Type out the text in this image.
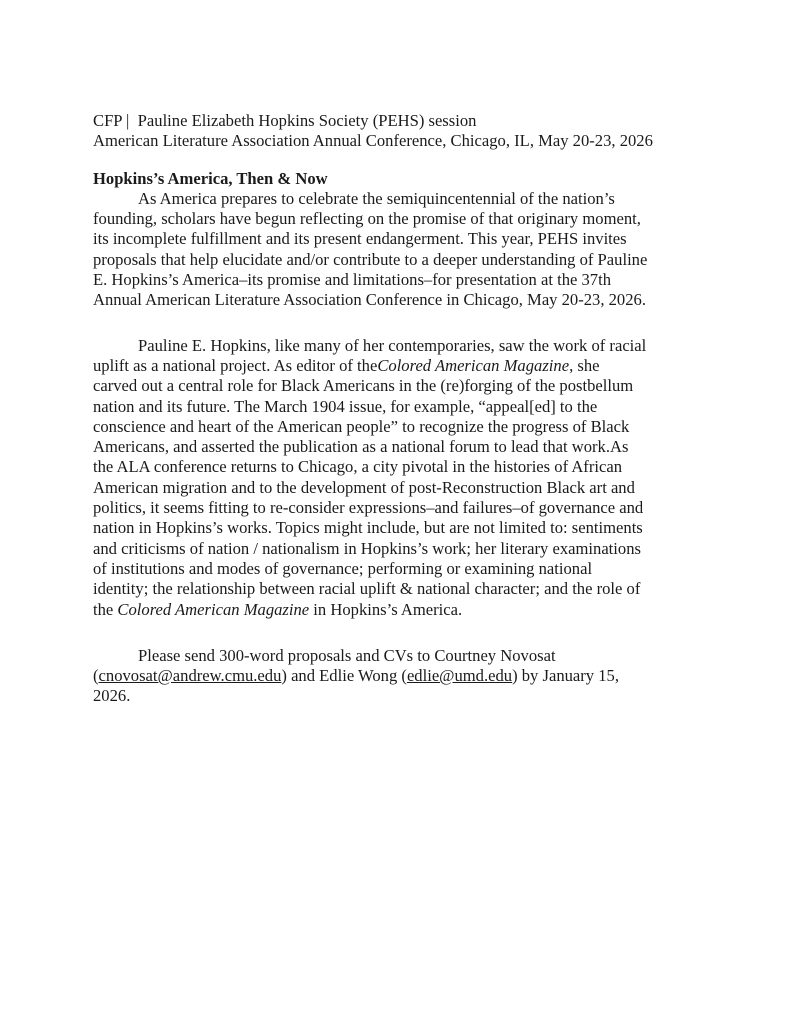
CFP |  Pauline Elizabeth Hopkins Society (PEHS) session
American Literature Association Annual Conference, Chicago, IL, May 20-23, 2026
Hopkins’s America, Then & Now
As America prepares to celebrate the semiquincentennial of the nation’s
founding, scholars have begun reflecting on the promise of that originary moment,
its incomplete fulfillment and its present endangerment. This year, PEHS invites
proposals that help elucidate and/or contribute to a deeper understanding of Pauline
E. Hopkins’s America–its promise and limitations–for presentation at the 37th
Annual American Literature Association Conference in Chicago, May 20-23, 2026.
Pauline E. Hopkins, like many of her contemporaries, saw the work of racial
uplift as a national project. As editor of theColored American Magazine, she
carved out a central role for Black Americans in the (re)forging of the postbellum
nation and its future. The March 1904 issue, for example, “appeal[ed] to the
conscience and heart of the American people” to recognize the progress of Black
Americans, and asserted the publication as a national forum to lead that work.As
the ALA conference returns to Chicago, a city pivotal in the histories of African
American migration and to the development of post-Reconstruction Black art and
politics, it seems fitting to re-consider expressions–and failures–of governance and
nation in Hopkins’s works. Topics might include, but are not limited to: sentiments
and criticisms of nation / nationalism in Hopkins’s work; her literary examinations
of institutions and modes of governance; performing or examining national
identity; the relationship between racial uplift & national character; and the role of
the Colored American Magazine in Hopkins’s America.
Please send 300-word proposals and CVs to Courtney Novosat
(cnovosat@andrew.cmu.edu) and Edlie Wong (edlie@umd.edu) by January 15,
2026.
